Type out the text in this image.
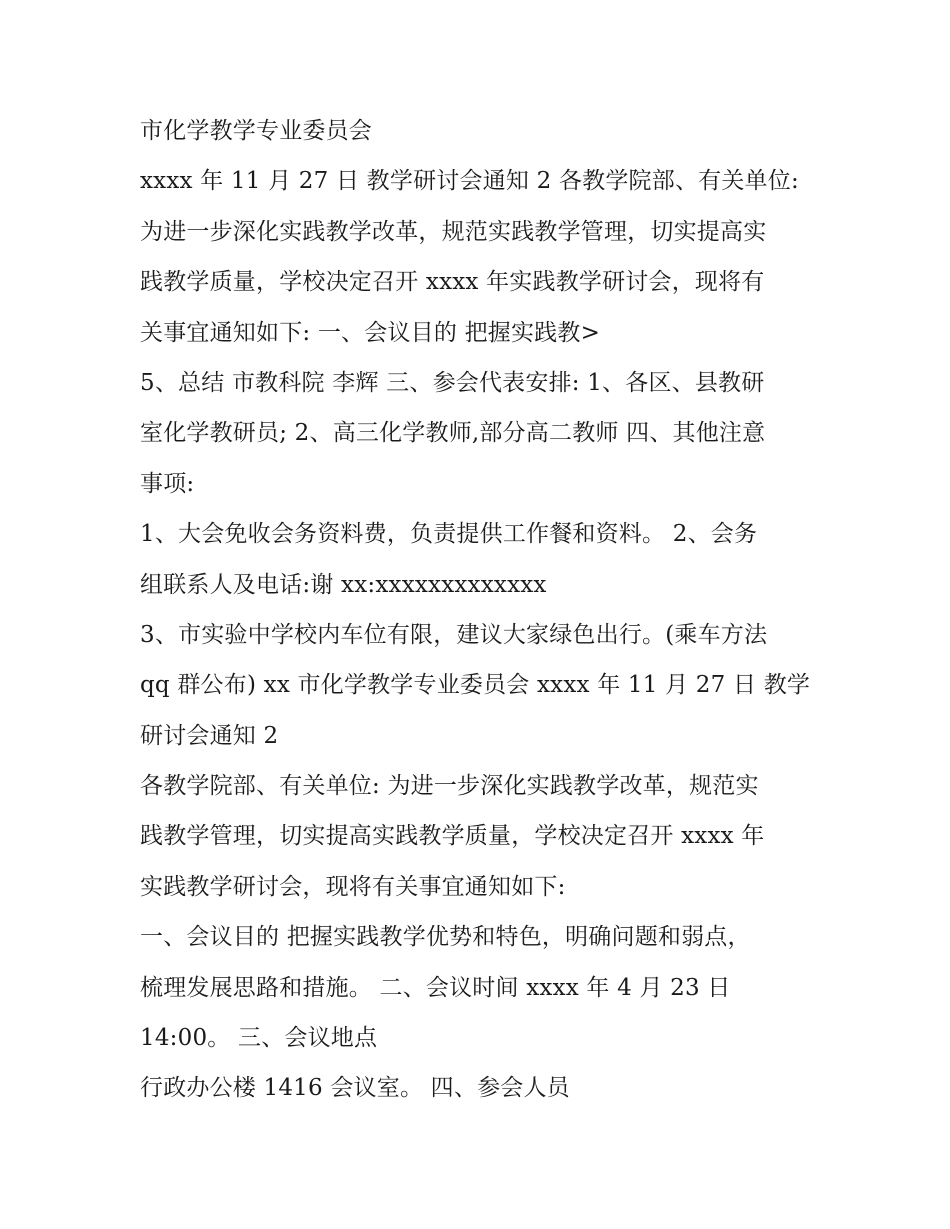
市化学教学专业委员会
xxxx 年 11 月 27 日 教学研讨会通知 2 各教学院部、有关单位:
为进一步深化实践教学改革，规范实践教学管理，切实提高实
践教学质量，学校决定召开 xxxx 年实践教学研讨会，现将有
关事宜通知如下: 一、会议目的 把握实践教>
5、总结 市教科院 李辉 三、参会代表安排: 1、各区、县教研
室化学教研员; 2、高三化学教师,部分高二教师 四、其他注意
事项:
1、大会免收会务资料费，负责提供工作餐和资料。 2、会务
组联系人及电话:谢 xx:xxxxxxxxxxxxx
3、市实验中学校内车位有限，建议大家绿色出行。(乘车方法
qq 群公布) xx 市化学教学专业委员会 xxxx 年 11 月 27 日 教学
研讨会通知 2
各教学院部、有关单位: 为进一步深化实践教学改革，规范实
践教学管理，切实提高实践教学质量，学校决定召开 xxxx 年
实践教学研讨会，现将有关事宜通知如下:
一、会议目的 把握实践教学优势和特色，明确问题和弱点，
梳理发展思路和措施。 二、会议时间 xxxx 年 4 月 23 日
14:00。 三、会议地点
行政办公楼 1416 会议室。 四、参会人员
